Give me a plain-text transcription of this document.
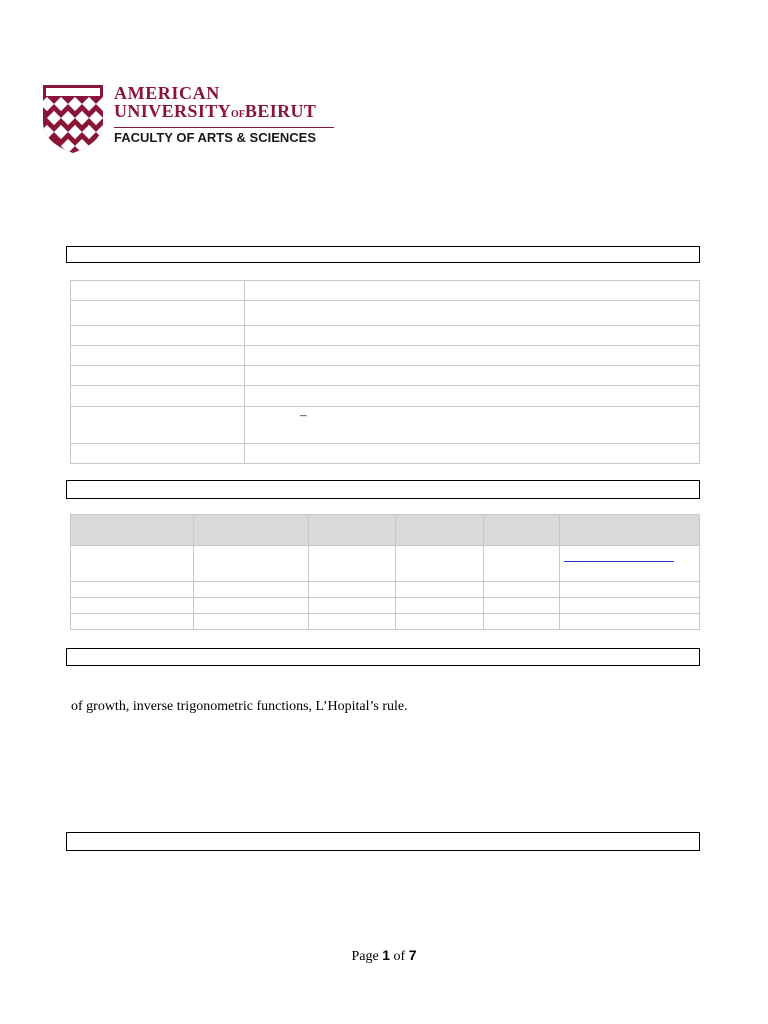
AMERICAN
UNIVERSITYOFBEIRUT
FACULTY OF ARTS & SCIENCES

	–

of growth, inverse trigonometric functions, L’Hopital’s rule.
Page 1 of 7
